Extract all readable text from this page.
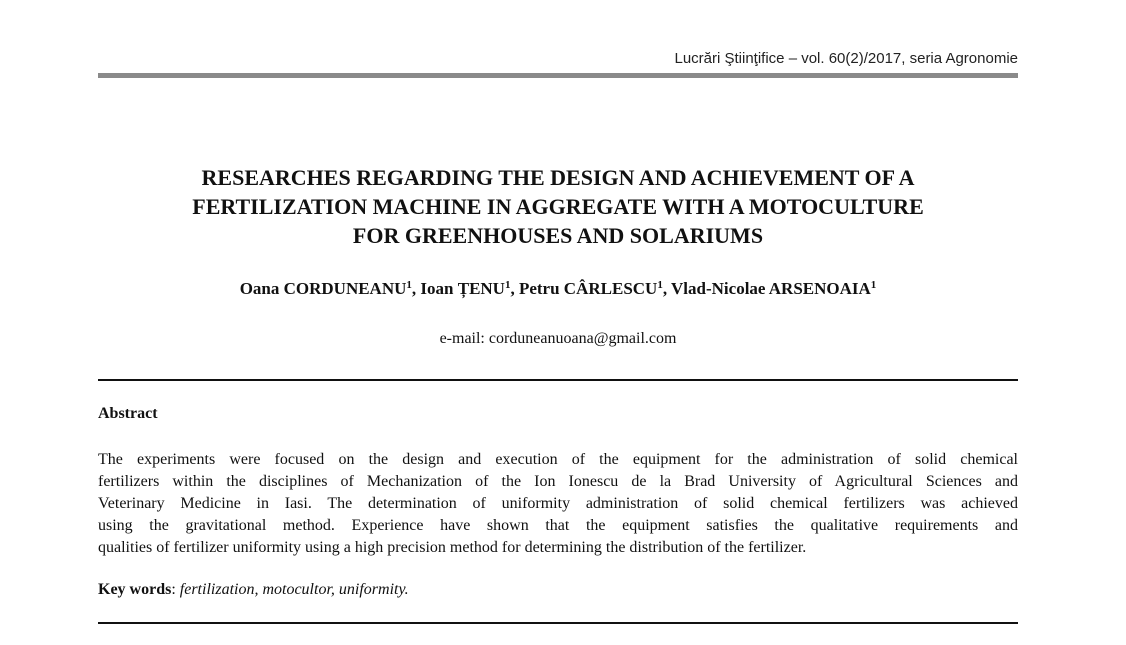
Lucrări Ştiinţifice – vol. 60(2)/2017, seria Agronomie
RESEARCHES REGARDING THE DESIGN AND ACHIEVEMENT OF A
FERTILIZATION MACHINE IN AGGREGATE WITH A MOTOCULTURE
FOR GREENHOUSES AND SOLARIUMS
Oana CORDUNEANU$^1$, Ioan ȚENU$^1$, Petru CÂRLESCU$^1$, Vlad-Nicolae ARSENOAIA$^1$
e-mail: corduneanuoana@gmail.com
Abstract
The experiments were focused on the design and execution of the equipment for the administration of solid chemical
fertilizers within the disciplines of Mechanization of the Ion Ionescu de la Brad University of Agricultural Sciences and
Veterinary Medicine in Iasi. The determination of uniformity administration of solid chemical fertilizers was achieved
using the gravitational method. Experience have shown that the equipment satisfies the qualitative requirements and
qualities of fertilizer uniformity using a high precision method for determining the distribution of the fertilizer.
Key words: fertilization, motocultor, uniformity.
